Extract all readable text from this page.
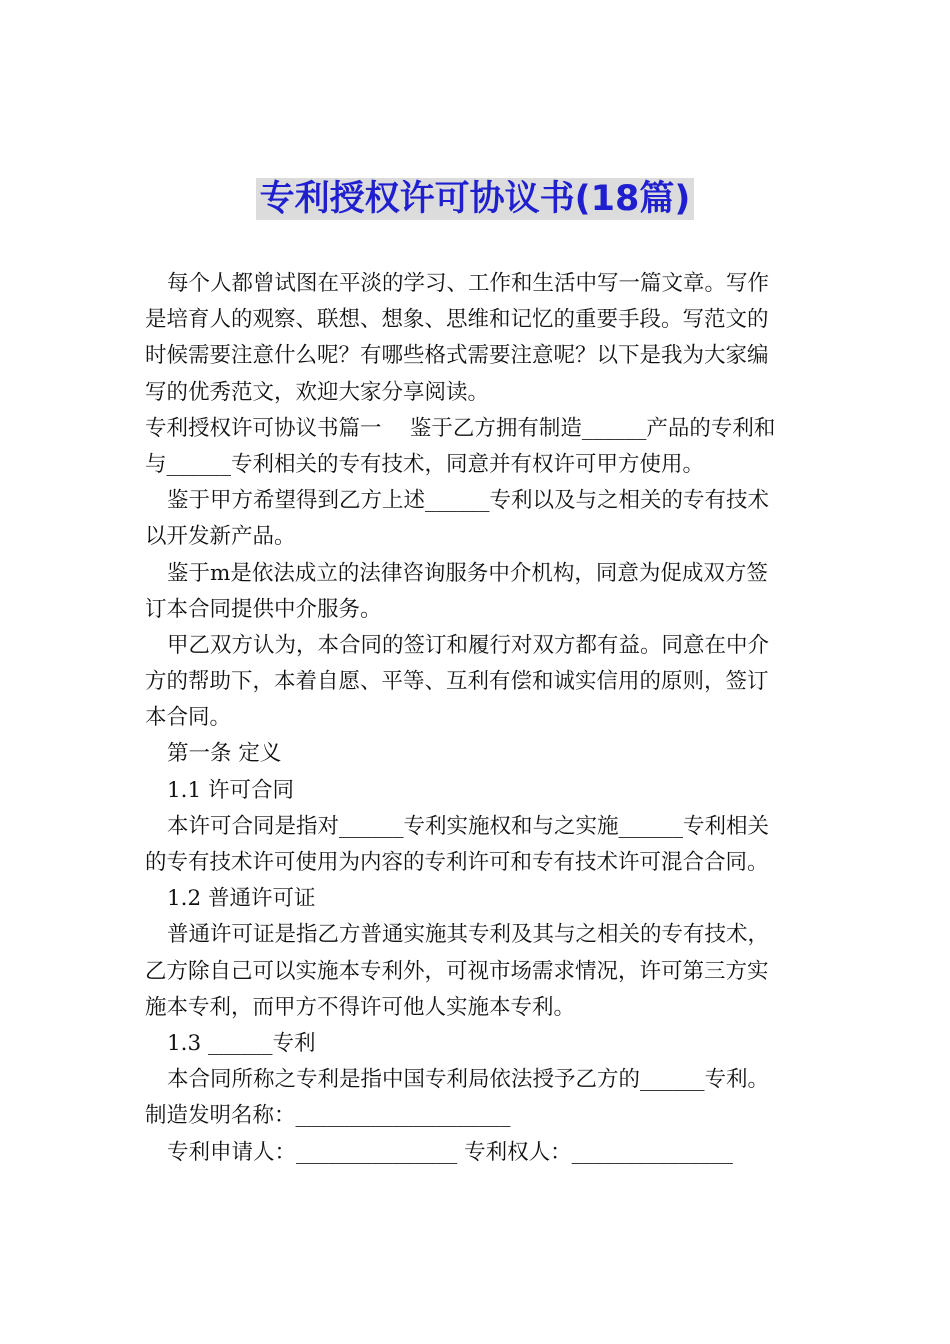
专利授权许可协议书(18篇)
每个人都曾试图在平淡的学习、工作和生活中写一篇文章。写作
是培育人的观察、联想、想象、思维和记忆的重要手段。写范文的
时候需要注意什么呢？有哪些格式需要注意呢？以下是我为大家编
写的优秀范文，欢迎大家分享阅读。
专利授权许可协议书篇一　 鉴于乙方拥有制造______产品的专利和
与______专利相关的专有技术，同意并有权许可甲方使用。
鉴于甲方希望得到乙方上述______专利以及与之相关的专有技术
以开发新产品。
鉴于m是依法成立的法律咨询服务中介机构，同意为促成双方签
订本合同提供中介服务。
甲乙双方认为，本合同的签订和履行对双方都有益。同意在中介
方的帮助下，本着自愿、平等、互利有偿和诚实信用的原则，签订
本合同。
第一条 定义
1.1 许可合同
本许可合同是指对______专利实施权和与之实施______专利相关
的专有技术许可使用为内容的专利许可和专有技术许可混合合同。
1.2 普通许可证
普通许可证是指乙方普通实施其专利及其与之相关的专有技术，
乙方除自己可以实施本专利外，可视市场需求情况，许可第三方实
施本专利，而甲方不得许可他人实施本专利。
1.3 ______专利
本合同所称之专利是指中国专利局依法授予乙方的______专利。
制造发明名称：____________________
专利申请人：_______________ 专利权人：_______________
